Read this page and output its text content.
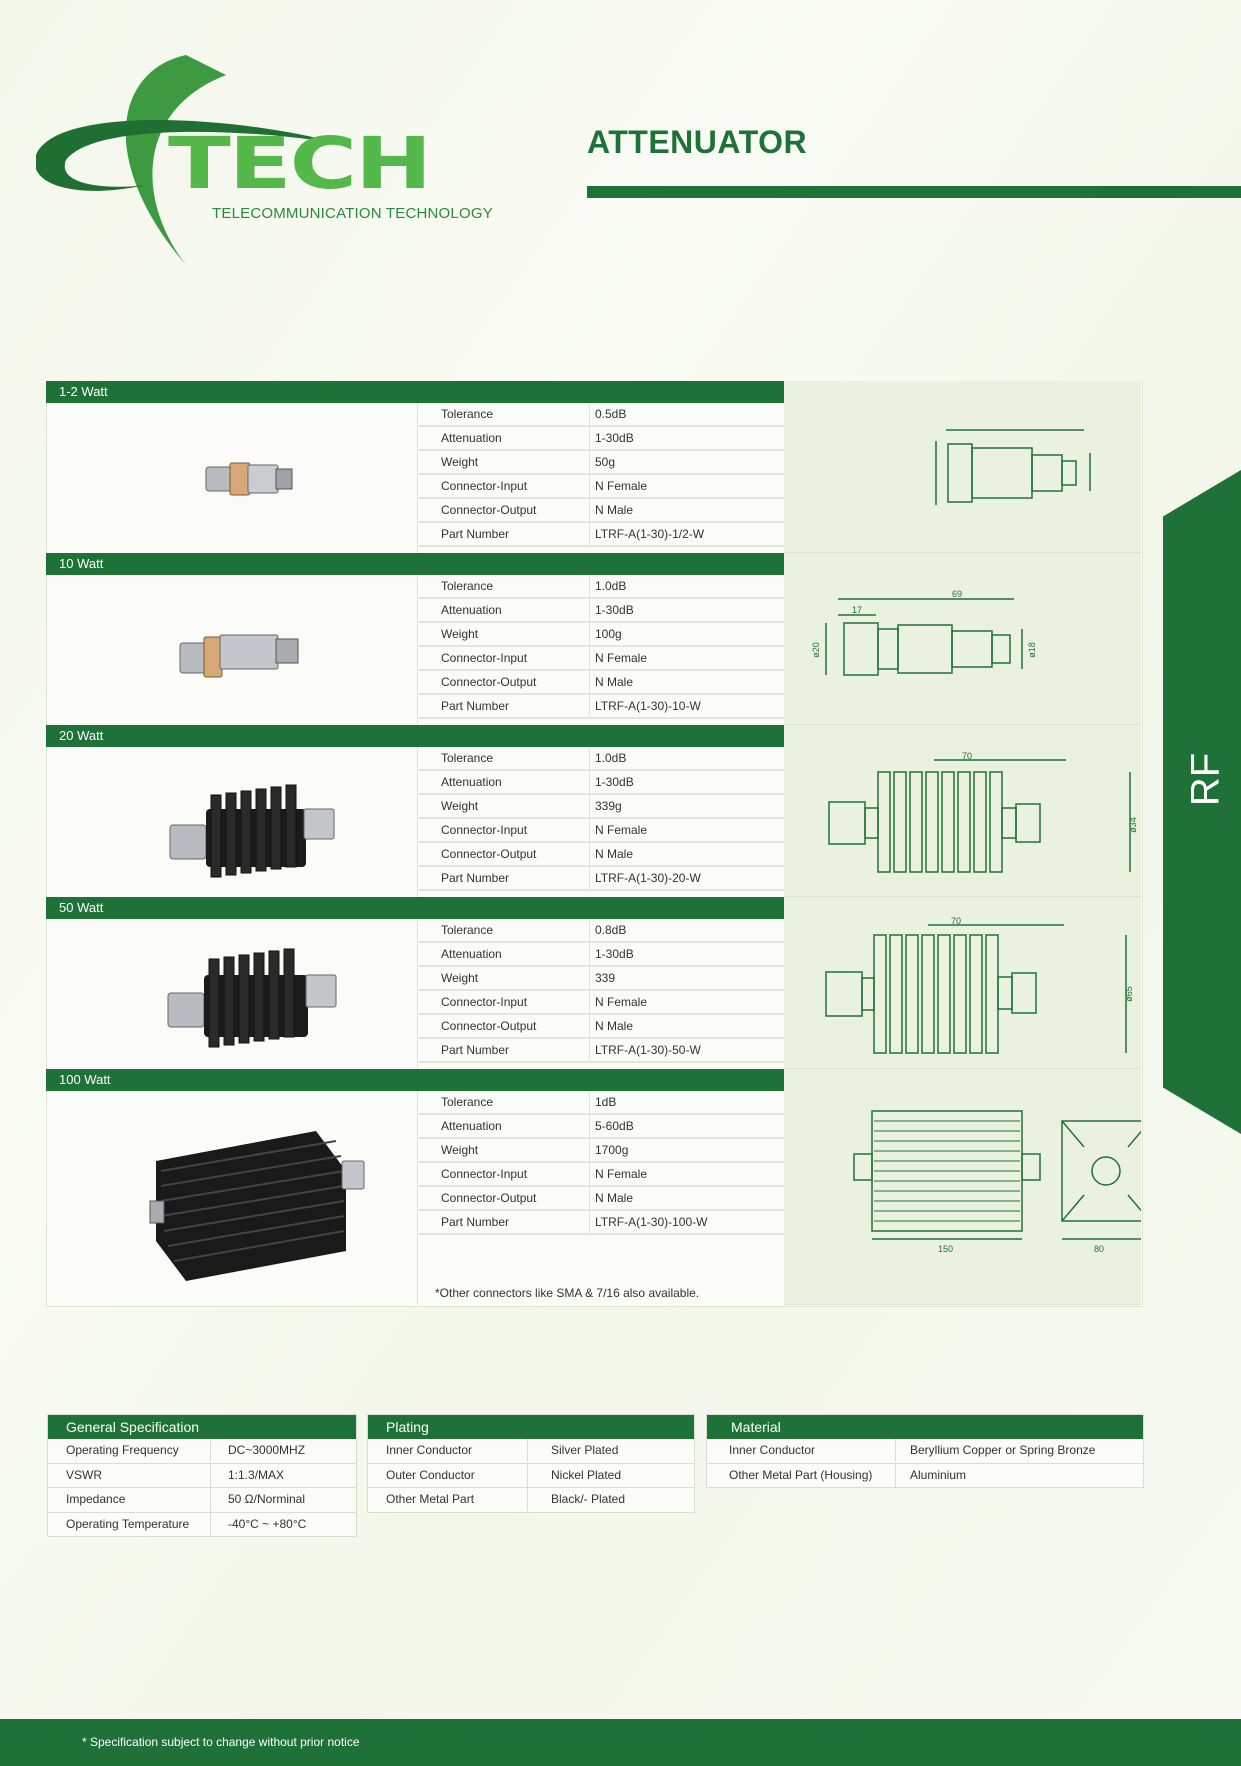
TECH
TELECOMMUNICATION TECHNOLOGY
ATTENUATOR
1-2 Watt
Tolerance	0.5dB
Attenuation	1-30dB
Weight	50g
Connector-Input	N Female
Connector-Output	N Male
Part Number	LTRF-A(1-30)-1/2-W
10 Watt
Tolerance	1.0dB
Attenuation	1-30dB
Weight	100g
Connector-Input	N Female
Connector-Output	N Male
Part Number	LTRF-A(1-30)-10-W
69
17
ø20	ø18
20 Watt
Tolerance	1.0dB
Attenuation	1-30dB
Weight	339g
Connector-Input	N Female
Connector-Output	N Male
Part Number	LTRF-A(1-30)-20-W
70
ø34
50 Watt
Tolerance	0.8dB
Attenuation	1-30dB
Weight	339
Connector-Input	N Female
Connector-Output	N Male
Part Number	LTRF-A(1-30)-50-W
70
ø65
100 Watt
Tolerance	1dB
Attenuation	5-60dB
Weight	1700g
Connector-Input	N Female
Connector-Output	N Male
Part Number	LTRF-A(1-30)-100-W
150	80
*Other connectors like SMA & 7/16 also available.
RF
General Specification
Operating Frequency	DC~3000MHZ
VSWR	1:1.3/MAX
Impedance	50 Ω/Norminal
Operating Temperature	-40°C ~ +80°C
Plating
Inner Conductor	Silver Plated
Outer Conductor	Nickel Plated
Other Metal Part	Black/- Plated
Material
Inner Conductor	Beryllium Copper or Spring Bronze
Other Metal Part (Housing)	Aluminium
* Specification subject to change without prior notice
